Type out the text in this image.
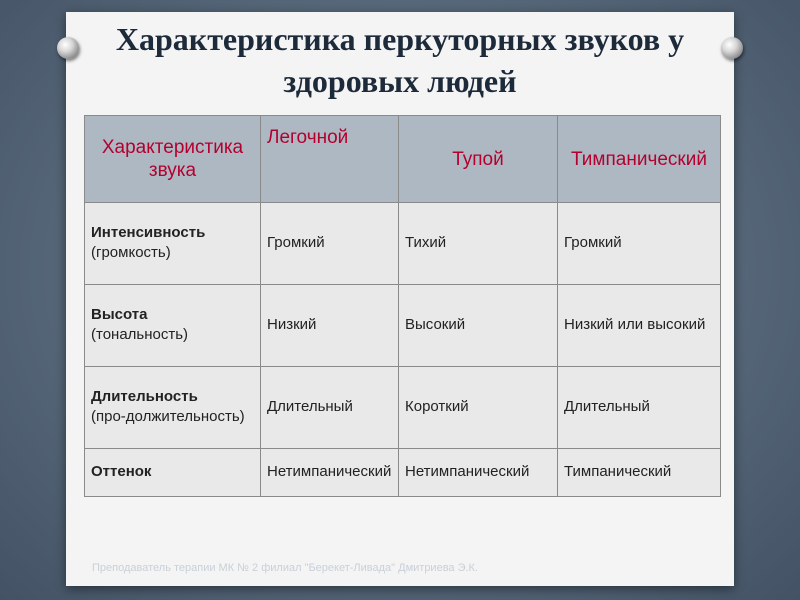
Характеристика перкуторных звуков у здоровых людей
Характеристика звука	Легочной	Тупой	Тимпанический

Интенсивность
(громкость)	Громкий	Тихий	Громкий

Высота
(тональность)	Низкий	Высокий	Низкий или высокий

Длительность
(про-должительность)	Длительный	Короткий	Длительный

Оттенок	Нетимпанический	Нетимпанический	Тимпанический
Преподаватель терапии МК № 2 филиал "Берекет-Ливада" Дмитриева Э.К.
